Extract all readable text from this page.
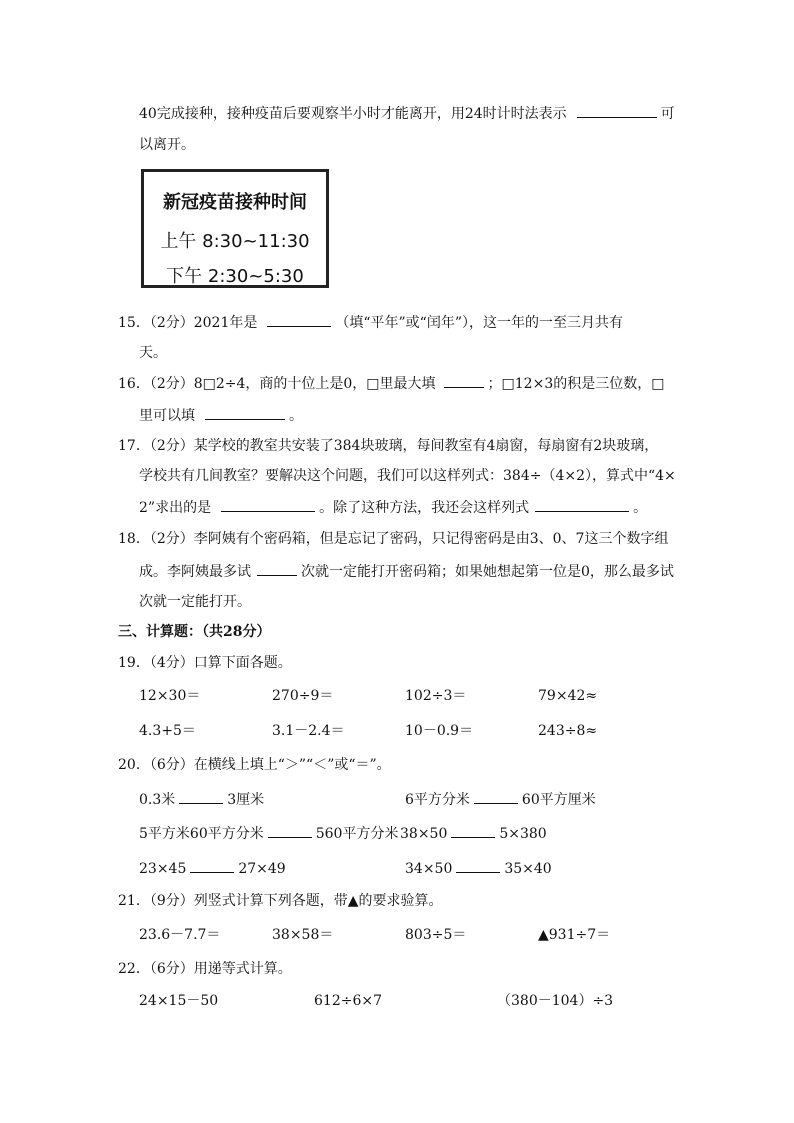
40完成接种，接种疫苗后要观察半小时才能离开，用24时计时法表示	可
以离开。
新冠疫苗接种时间
上午 8:30~11:30
下午 2:30~5:30
15．（2分）2021年是	（填“平年”或“闰年”），这一年的一至三月共有
天。
16．（2分）8□2÷4，商的十位上是0，□里最大填	；□12×3的积是三位数，□
里可以填	。
17．（2分）某学校的教室共安装了384块玻璃，每间教室有4扇窗，每扇窗有2块玻璃，
学校共有几间教室？要解决这个问题，我们可以这样列式：384÷（4×2），算式中“4×
2”求出的是	。除了这种方法，我还会这样列式	。
18．（2分）李阿姨有个密码箱，但是忘记了密码，只记得密码是由3、0、7这三个数字组
成。李阿姨最多试	次就一定能打开密码箱；如果她想起第一位是0，那么最多试
次就一定能打开。
三、计算题：（共28分）
19．（4分）口算下面各题。
12×30＝	270÷9＝	102÷3＝	79×42≈
4.3+5＝	3.1－2.4＝	10－0.9＝	243÷8≈
20．（6分）在横线上填上“＞”“＜”或“＝”。
0.3米	3厘米	6平方分米	60平方厘米
5平方米60平方分米	560平方分米 38×50	5×380
23×45	27×49	34×50	35×40
21．（9分）列竖式计算下列各题，带▲的要求验算。
23.6－7.7＝	38×58＝	803÷5＝	▲931÷7＝
22．（6分）用递等式计算。
24×15－50	612÷6×7	（380－104）÷3
